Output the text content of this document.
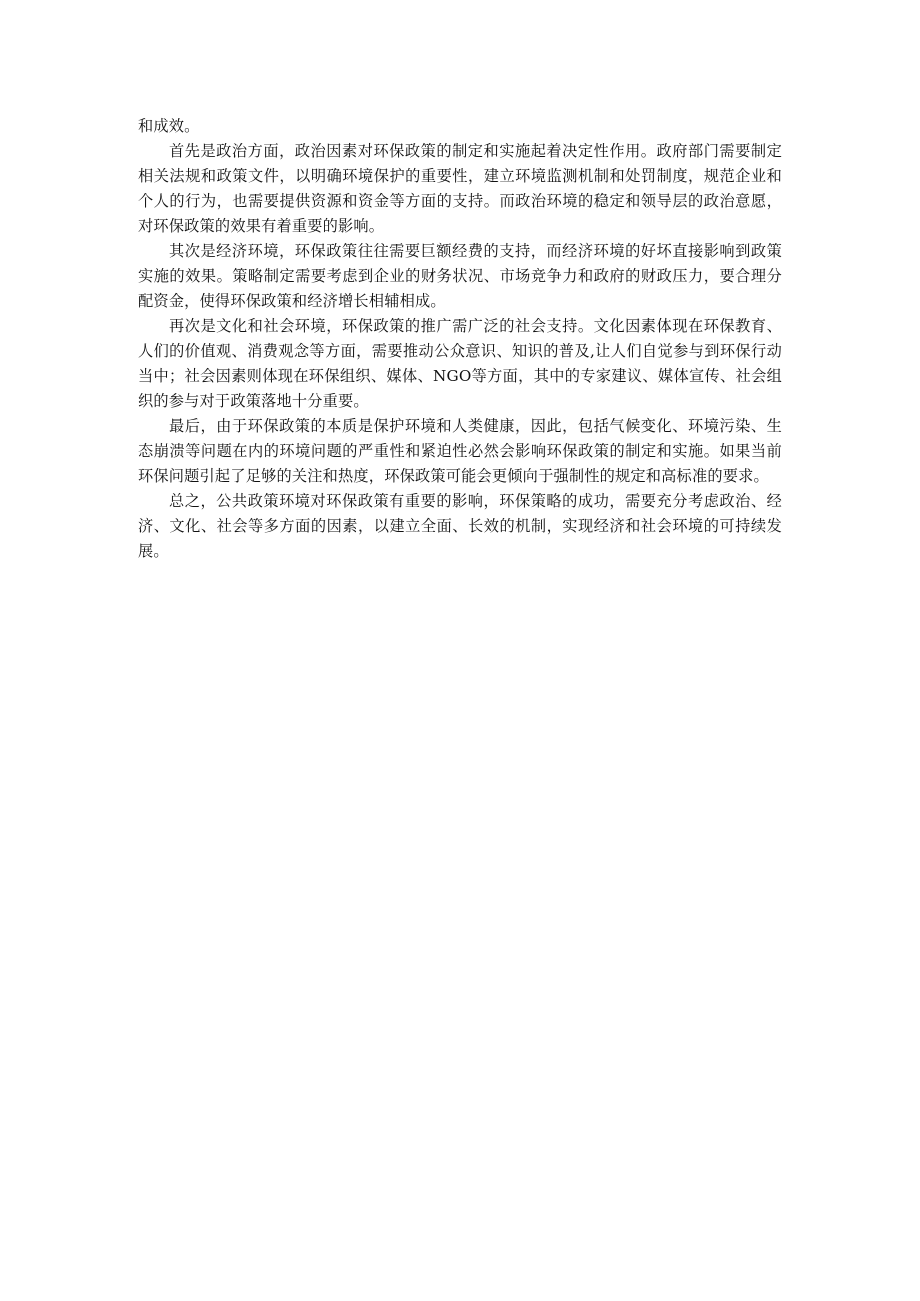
和成效。

首先是政治方面，政治因素对环保政策的制定和实施起着决定性作用。政府部门需要制定相关法规和政策文件，以明确环境保护的重要性，建立环境监测机制和处罚制度，规范企业和个人的行为，也需要提供资源和资金等方面的支持。而政治环境的稳定和领导层的政治意愿，对环保政策的效果有着重要的影响。

其次是经济环境，环保政策往往需要巨额经费的支持，而经济环境的好坏直接影响到政策实施的效果。策略制定需要考虑到企业的财务状况、市场竞争力和政府的财政压力，要合理分配资金，使得环保政策和经济增长相辅相成。

再次是文化和社会环境，环保政策的推广需广泛的社会支持。文化因素体现在环保教育、人们的价值观、消费观念等方面，需要推动公众意识、知识的普及,让人们自觉参与到环保行动当中；社会因素则体现在环保组织、媒体、NGO等方面，其中的专家建议、媒体宣传、社会组织的参与对于政策落地十分重要。

最后，由于环保政策的本质是保护环境和人类健康，因此，包括气候变化、环境污染、生态崩溃等问题在内的环境问题的严重性和紧迫性必然会影响环保政策的制定和实施。如果当前环保问题引起了足够的关注和热度，环保政策可能会更倾向于强制性的规定和高标准的要求。

总之，公共政策环境对环保政策有重要的影响，环保策略的成功，需要充分考虑政治、经济、文化、社会等多方面的因素，以建立全面、长效的机制，实现经济和社会环境的可持续发展。
